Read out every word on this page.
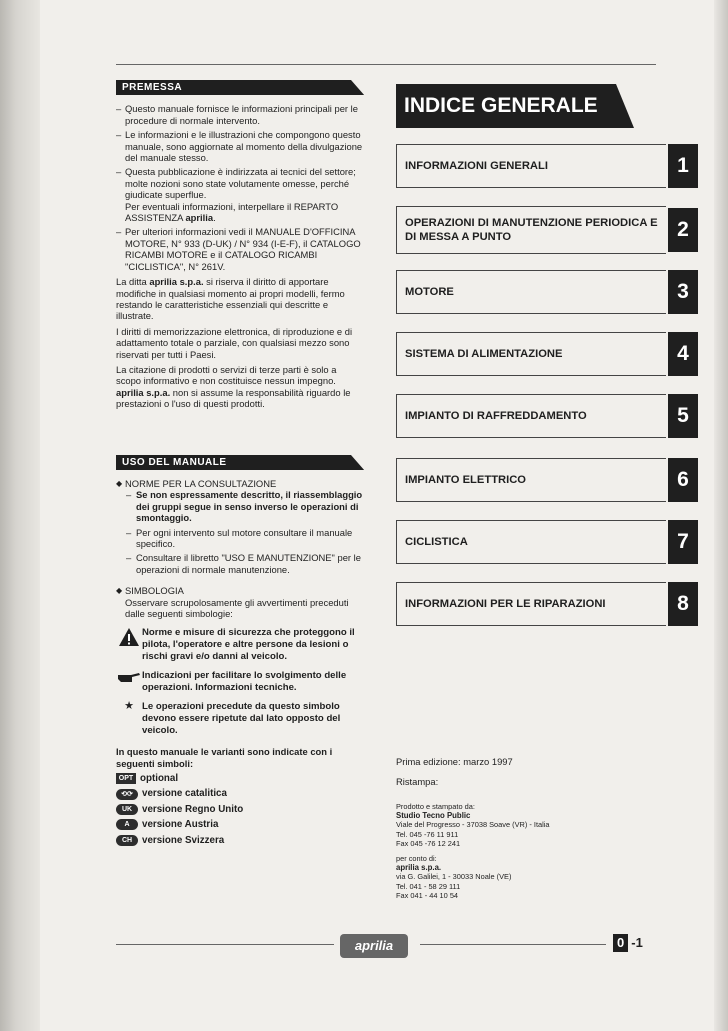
PREMESSA
– Questo manuale fornisce le informazioni principali per le procedure di normale intervento.
– Le informazioni e le illustrazioni che compongono questo manuale, sono aggiornate al momento della divulgazione del manuale stesso.
– Questa pubblicazione è indirizzata ai tecnici del settore; molte nozioni sono state volutamente omesse, perché giudicate superflue.
Per eventuali informazioni, interpellare il REPARTO ASSISTENZA aprilia.
– Per ulteriori informazioni vedi il MANUALE D'OFFICINA MOTORE, N° 933 (D-UK) / N° 934 (I-E-F), il CATALOGO RICAMBI MOTORE e il CATALOGO RICAMBI "CICLISTICA", N° 261V.

La ditta aprilia s.p.a. si riserva il diritto di apportare modifiche in qualsiasi momento ai propri modelli, fermo restando le caratteristiche essenziali qui descritte e illustrate.

I diritti di memorizzazione elettronica, di riproduzione e di adattamento totale o parziale, con qualsiasi mezzo sono riservati per tutti i Paesi.

La citazione di prodotti o servizi di terze parti è solo a scopo informativo e non costituisce nessun impegno.
aprilia s.p.a. non si assume la responsabilità riguardo le prestazioni o l'uso di questi prodotti.

USO DEL MANUALE
◆ NORME PER LA CONSULTAZIONE
– Se non espressamente descritto, il riassemblaggio dei gruppi segue in senso inverso le operazioni di smontaggio.
– Per ogni intervento sul motore consultare il manuale specifico.
– Consultare il libretto "USO E MANUTENZIONE" per le operazioni di normale manutenzione.
◆ SIMBOLOGIA
Osservare scrupolosamente gli avvertimenti preceduti dalle seguenti simbologie:
Norme e misure di sicurezza che proteggono il pilota, l'operatore e altre persone da lesioni o rischi gravi e/o danni al veicolo.
Indicazioni per facilitare lo svolgimento delle operazioni. Informazioni tecniche.
★ Le operazioni precedute da questo simbolo devono essere ripetute dal lato opposto del veicolo.

In questo manuale le varianti sono indicate con i seguenti simboli:

OPT optional
⟲⟳ versione catalitica
UK	versione Regno Unito
A	versione Austria
CH	versione Svizzera
INDICE GENERALE
INFORMAZIONI GENERALI	1
OPERAZIONI DI MANUTENZIONE PERIODICA E DI MESSA A PUNTO	2
MOTORE	3
SISTEMA DI ALIMENTAZIONE	4
IMPIANTO DI RAFFREDDAMENTO	5
IMPIANTO ELETTRICO	6
CICLISTICA	7
INFORMAZIONI PER LE RIPARAZIONI	8
Prima edizione: marzo 1997
Ristampa:
Prodotto e stampato da:
Studio Tecno Public
Viale del Progresso - 37038 Soave (VR) - Italia
Tel. 045 -76 11 911
Fax 045 -76 12 241
per conto di:
aprilia s.p.a.
via G. Galilei, 1 - 30033 Noale (VE)
Tel. 041 - 58 29 111
Fax 041 - 44 10 54
aprilia	0 - 1
